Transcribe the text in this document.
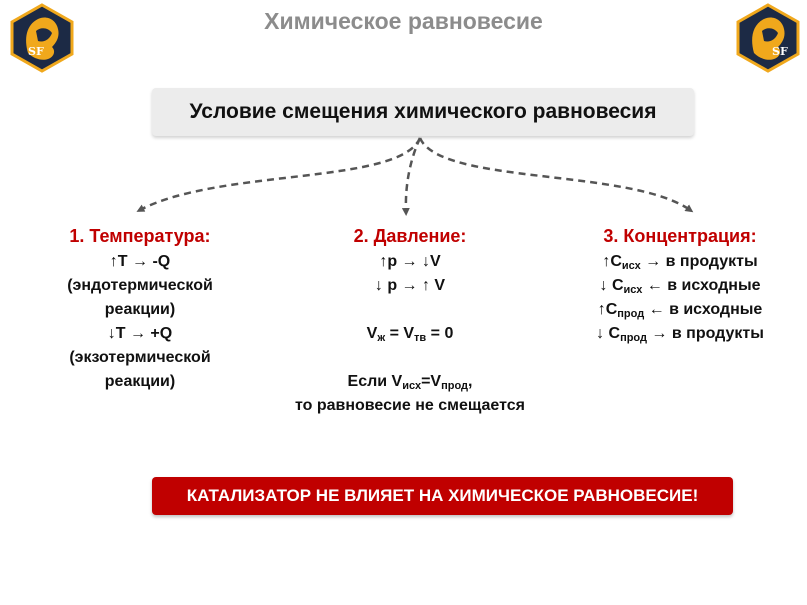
Химическое равновесие
SF	SF
Условие смещения химического равновесия
1. Температура:
↑T → -Q
(эндотермической
реакции)
↓T → +Q
(экзотермической
реакции)
2. Давление:
↑p → ↓V
↓ p → ↑ V
$V_ж = V_{тв} = 0$
Если $V_{исх}=V_{прод}$,
то равновесие не смещается
3. Концентрация:
$↑C_{исх} \to в$ продукты
↓ $C_{исх}$ ← в исходные
$↑C_{прод}$ ← в исходные
↓ $C_{прод} \to в$ продукты
КАТАЛИЗАТОР НЕ ВЛИЯЕТ НА ХИМИЧЕСКОЕ РАВНОВЕСИЕ!
